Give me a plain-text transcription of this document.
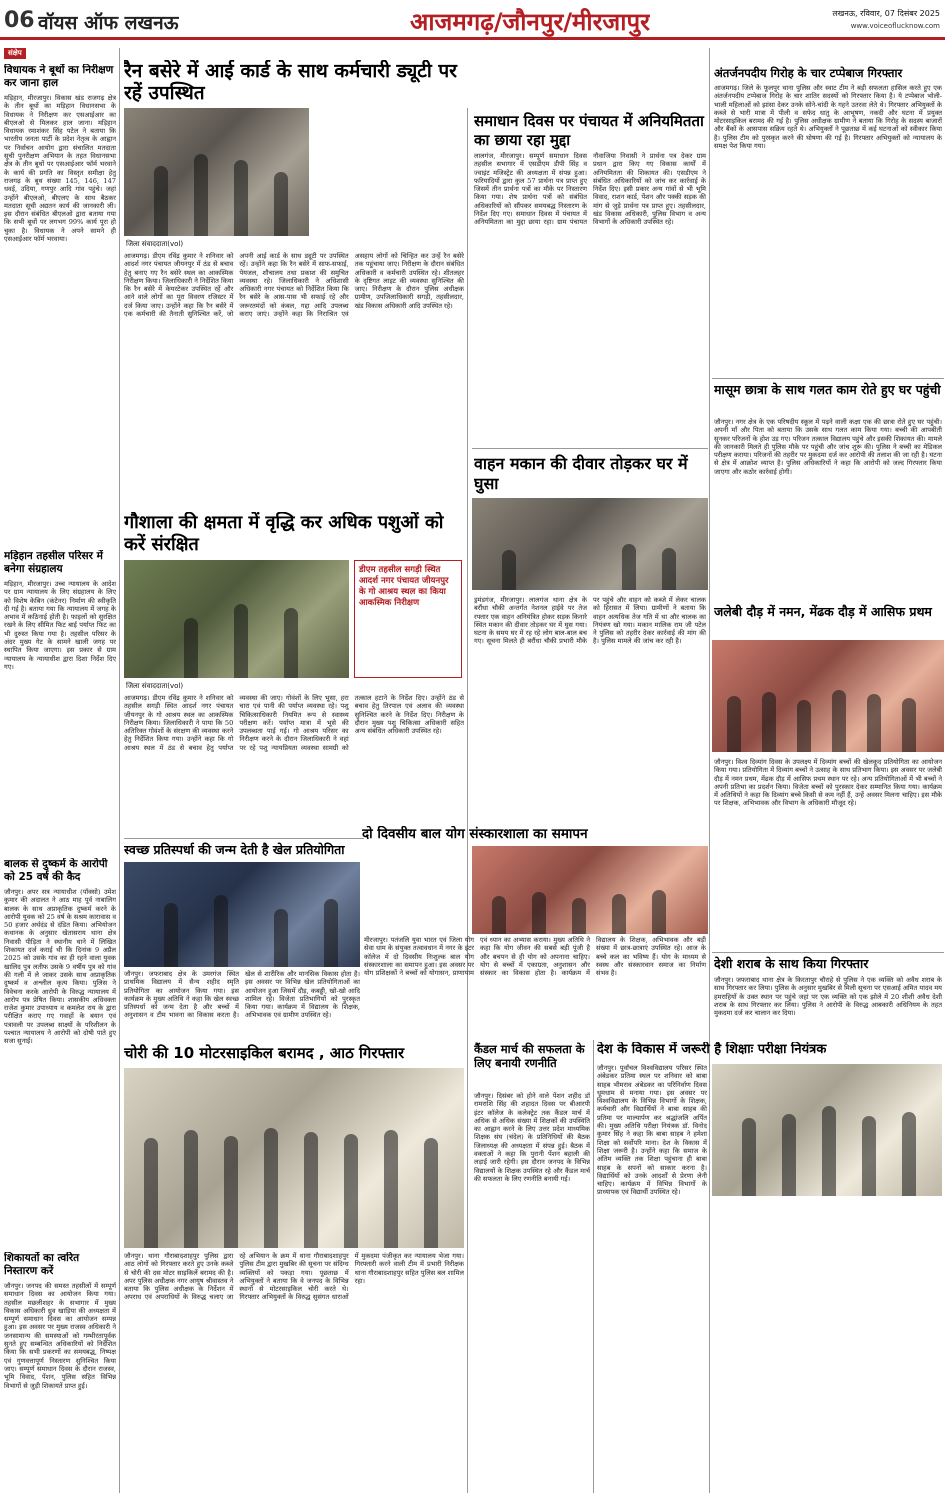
06 वॉयस ऑफ लखनऊ	आजमगढ़/जौनपुर/मीरजापुर	लखनऊ, रविवार, 07 दिसंबर 2025
www.voiceoflucknow.com
संक्षेप
विधायक ने बूथों का निरीक्षण कर जाना हाल
मड़िहान, मीरजापुर। विकास खंड राजगढ़ क्षेत्र के तीन बूथों का मड़िहान विधानसभा के विधायक ने निरीक्षण कर एसआईआर का बीएलओ से मिलकर हाल जाना। मड़िहान विधायक रमाशंकर सिंह पटेल ने बताया कि भारतीय जनता पार्टी के प्रदेश नेतृत्व के आह्वान पर निर्वाचन आयोग द्वारा संचालित मतदाता सूची पुनरीक्षण अभियान के तहत विधानसभा क्षेत्र के तीन बूथों पर एसआईआर फॉर्म भरवाने के कार्य की प्रगति का विस्तृत समीक्षा हेतु राजगढ़ के बूथ संख्या 145, 146, 147 धवई, उदिया, गणपुर आदि गांव पहुंचे। जहां उन्होंने बीएलओ, बीएलए के साथ बैठकर मतदाता सूची अद्यतन कार्य की जानकारी ली। इस दौरान संबंधित बीएलओ द्वारा बताया गया कि सभी बूथों पर लगभग 99% कार्य पूरा हो चुका है। विधायक ने अपने सामने ही एसआईआर फॉर्म भरवाया।
मड़िहान तहसील परिसर में बनेगा संग्रहालय
मड़िहान, मीरजापुर। उच्च न्यायालय के आदेश पर ग्राम न्यायालय के लिए संग्रहालय के लिए को विशेष केबिन (कंटेनर) निर्माण की स्वीकृति दी गई है। बताया गया कि न्यायालय में जगह के अभाव में कठिनाई होती है। फाइलों को सुरक्षित रखने के लिए सीमित फिट बाई पर्याप्त फिट का भी दुरुस्त किया गया है। तहसील परिसर के अंदर मुख्य गेट के सामने खाली जगह पर स्थापित किया जाएगा। इस प्रकार से ग्राम न्यायालय के न्यायाधीश द्वारा दिशा निर्देश दिए गए।
बालक से दुष्कर्म के आरोपी को 25 वर्ष की कैद
जौनपुर। अपर सत्र न्यायाधीश (पॉक्सो) उमेश कुमार की अदालत ने आठ माह पूर्व नाबालिग बालक के साथ अप्राकृतिक दुष्कर्म करने के आरोपी युवक को 25 वर्ष के सश्रम कारावास व 50 हजार अर्थदंड से दंडित किया। अभियोजन कथानक के अनुसार खेतासराय थाना क्षेत्र निवासी पीड़िता ने स्थानीय थाने में लिखित शिकायत दर्ज कराई थी कि दिनांक 9 अप्रैल 2025 को उसके गांव का ही रहने वाला युवक खालिद पुत्र लतीफ उसके 9 वर्षीय पुत्र को गांव की गली में ले जाकर उसके साथ अप्राकृतिक दुष्कर्म व अश्लील कृत्य किया। पुलिस ने विवेचना करके आरोपी के विरुद्ध न्यायालय में आरोप पत्र प्रेषित किया। शासकीय अधिवक्ता राजेश कुमार उपाध्याय व कमलेश राय के द्वारा परीक्षित कराए गए गवाहों के बयान एवं पत्रावली पर उपलब्ध साक्ष्यों के परिशीलन के पश्चात न्यायालय ने आरोपी को दोषी पाते हुए सजा सुनाई।
शिकायतों का त्वरित निस्तारण करें
जौनपुर। जनपद की समस्त तहसीलों में सम्पूर्ण समाधान दिवस का आयोजन किया गया। तहसील मछलीशहर के सभागार में मुख्य विकास अधिकारी ध्रुव खाड़िया की अध्यक्षता में सम्पूर्ण समाधान दिवस का आयोजन सम्पन्न हुआ। इस अवसर पर मुख्य राजस्व अधिकारी ने जनसामान्य की समस्याओं को गम्भीरतापूर्वक सुनते हुए सम्बन्धित अधिकारियों को निर्देशित किया कि सभी प्रकरणों का समयबद्ध, निष्पक्ष एवं गुणवत्तापूर्ण निस्तारण सुनिश्चित किया जाए। सम्पूर्ण समाधान दिवस के दौरान राजस्व, भूमि विवाद, पेंशन, पुलिस सहित विभिन्न विभागों से जुड़ी शिकायतें प्राप्त हुईं।
रैन बसेरे में आई कार्ड के साथ कर्मचारी ड्यूटी पर रहें उपस्थित
जिला संवाददाता(vol)
आजमगढ़। डीएम रविंद्र कुमार ने शनिवार को आदर्श नगर पंचायत जीयनपुर में ठंड से बचाव हेतु बनाए गए रैन बसेरे स्थल का आकस्मिक निरीक्षण किया। जिलाधिकारी ने निर्देशित किया कि रैन बसेरे में केयरटेकर उपस्थित रहें और आने वाले लोगों का पूरा विवरण रजिस्टर में दर्ज किया जाए। उन्होंने कहा कि रैन बसेरे में एक कर्मचारी की तैनाती सुनिश्चित करें, जो अपनी आई कार्ड के साथ ड्यूटी पर उपस्थित रहें। उन्होंने कहा कि रैन बसेरे में साफ-सफाई, पेयजल, शौचालय तथा प्रकाश की समुचित व्यवस्था रहे। जिलाधिकारी ने अधिशासी अधिकारी नगर पंचायत को निर्देशित किया कि रैन बसेरे के आस-पास भी सफाई रहे और जरूरतमंदों को कंबल, गद्दा आदि उपलब्ध कराए जाएं। उन्होंने कहा कि निराश्रित एवं असहाय लोगों को चिन्हित कर उन्हें रैन बसेरे तक पहुंचाया जाए। निरीक्षण के दौरान संबंधित अधिकारी व कर्मचारी उपस्थित रहे। शीतलहर के दृष्टिगत लाइट की व्यवस्था सुनिश्चित की जाए। निरीक्षण के दौरान पुलिस अधीक्षक ग्रामीण, उपजिलाधिकारी सगड़ी, तहसीलदार, खंड विकास अधिकारी आदि उपस्थित रहे।
गौशाला की क्षमता में वृद्धि कर अधिक पशुओं को करें संरक्षित
जिला संवाददाता(vol)
डीएम तहसील सगड़ी स्थित आदर्श नगर पंचायत जीयनपुर के गो आश्रय स्थल का किया आकस्मिक निरीक्षण
आजमगढ़। डीएम रविंद्र कुमार ने शनिवार को तहसील सगड़ी स्थित आदर्श नगर पंचायत जीयनपुर के गो आश्रय स्थल का आकस्मिक निरीक्षण किया। जिलाधिकारी ने पाया कि 50 अतिरिक्त गोवंशों के संरक्षण की व्यवस्था करने हेतु निर्देशित किया गया। उन्होंने कहा कि गो आश्रय स्थल में ठंड से बचाव हेतु पर्याप्त व्यवस्था की जाए। गोवंशों के लिए भूसा, हरा चारा एवं पानी की पर्याप्त व्यवस्था रहे। पशु चिकित्साधिकारी नियमित रूप से स्वास्थ्य परीक्षण करें। पर्याप्त मात्रा में भूसे की उपलब्धता पाई गई। गो आश्रय परिसर का निरीक्षण करने के दौरान जिलाधिकारी ने वहां पर रहे पशु न्यायप्रियता व्यवस्था सामग्री को तत्काल हटाने के निर्देश दिए। उन्होंने ठंड से बचाव हेतु तिरपाल एवं अलाव की व्यवस्था सुनिश्चित करने के निर्देश दिए। निरीक्षण के दौरान मुख्य पशु चिकित्सा अधिकारी सहित अन्य संबंधित अधिकारी उपस्थित रहे।
स्वच्छ प्रतिस्पर्धा की जन्म देती है खेल प्रतियोगिता
जौनपुर। जफराबाद क्षेत्र के उमरगंज स्थित प्राथमिक विद्यालय में सैन्य शहीद स्मृति प्रतियोगिता का आयोजन किया गया। इस कार्यक्रम के मुख्य अतिथि ने कहा कि खेल स्वच्छ प्रतिस्पर्धा को जन्म देता है और बच्चों में अनुशासन व टीम भावना का विकास करता है। खेल से शारीरिक और मानसिक विकास होता है। इस अवसर पर विभिन्न खेल प्रतियोगिताओं का आयोजन हुआ जिसमें दौड़, कबड्डी, खो-खो आदि शामिल रहे। विजेता प्रतिभागियों को पुरस्कृत किया गया। कार्यक्रम में विद्यालय के शिक्षक, अभिभावक एवं ग्रामीण उपस्थित रहे।
चोरी की 10 मोटरसाइकिल बरामद , आठ गिरफ्तार
जौनपुर। थाना गौराबादशाहपुर पुलिस द्वारा आठ लोगों को गिरफ्तार करते हुए उनके कब्जे से चोरी की दस मोटर साइकिलें बरामद की है। अपर पुलिस अधीक्षक नगर आयुष श्रीवास्तव ने बताया कि पुलिस अधीक्षक के निर्देशन में अपराध एवं अपराधियों के विरुद्ध चलाए जा रहे अभियान के क्रम में थाना गौराबादशाहपुर पुलिस टीम द्वारा मुखबिर की सूचना पर संदिग्ध व्यक्तियों को पकड़ा गया। पूछताछ में अभियुक्तों ने बताया कि वे जनपद के विभिन्न स्थानों से मोटरसाइकिल चोरी करते थे। गिरफ्तार अभियुक्तों के विरुद्ध सुसंगत धाराओं में मुकदमा पंजीकृत कर न्यायालय भेजा गया। गिरफ्तारी करने वाली टीम में प्रभारी निरीक्षक थाना गौराबादशाहपुर सहित पुलिस बल शामिल रहा।
समाधान दिवस पर पंचायत में अनियमितता का छाया रहा मुद्दा
लालगंज, मीरजापुर। सम्पूर्ण समाधान दिवस तहसील सभागार में एसडीएम डीपी सिंह व ज्वाइंट मजिस्ट्रेट की अध्यक्षता में संपन्न हुआ। फरियादियों द्वारा कुल 57 प्रार्थना पत्र प्राप्त हुए जिसमें तीन प्रार्थना पत्रों का मौके पर निस्तारण किया गया। शेष प्रार्थना पत्रों को संबंधित अधिकारियों को सौंपकर समयबद्ध निस्तारण के निर्देश दिए गए। समाधान दिवस में पंचायत में अनियमितता का मुद्दा छाया रहा। ग्राम पंचायत नौवाजिया निवासी ने प्रार्थना पत्र देकर ग्राम प्रधान द्वारा किए गए विकास कार्यों में अनियमितता की शिकायत की। एसडीएम ने संबंधित अधिकारियों को जांच कर कार्रवाई के निर्देश दिए। इसी प्रकार अन्य गांवों से भी भूमि विवाद, राशन कार्ड, पेंशन और पक्की सड़क की मांग से जुड़े प्रार्थना पत्र प्राप्त हुए। तहसीलदार, खंड विकास अधिकारी, पुलिस विभाग व अन्य विभागों के अधिकारी उपस्थित रहे।
वाहन मकान की दीवार तोड़कर घर में घुसा
ड्रमंडगंज, मीरजापुर। लालगंज थाना क्षेत्र के बरौंधा चौकी अन्तर्गत नेशनल हाईवे पर तेज रफ्तार एक वाहन अनियंत्रित होकर सड़क किनारे स्थित मकान की दीवार तोड़कर घर में घुस गया। घटना के समय घर में रह रहे लोग बाल-बाल बच गए। सूचना मिलते ही बरौंधा चौकी प्रभारी मौके पर पहुंचे और वाहन को कब्जे में लेकर चालक को हिरासत में लिया। ग्रामीणों ने बताया कि वाहन अत्यधिक तेज गति में था और चालक का नियंत्रण खो गया। मकान मालिक राम जी पटेल ने पुलिस को तहरीर देकर कार्रवाई की मांग की है। पुलिस मामले की जांच कर रही है।
दो दिवसीय बाल योग संस्कारशाला का समापन
मीरजापुर। पतंजलि युवा भारत एवं जिला योग सेवा धाम के संयुक्त तत्वावधान में नगर के इंटर कॉलेज में दो दिवसीय निःशुल्क बाल योग संस्कारशाला का समापन हुआ। इस अवसर पर योग प्रशिक्षकों ने बच्चों को योगासन, प्राणायाम एवं ध्यान का अभ्यास कराया। मुख्य अतिथि ने कहा कि योग जीवन की सबसे बड़ी पूंजी है और बचपन से ही योग को अपनाना चाहिए। योग से बच्चों में एकाग्रता, अनुशासन और संस्कार का विकास होता है। कार्यक्रम में विद्यालय के शिक्षक, अभिभावक और बड़ी संख्या में छात्र-छात्राएं उपस्थित रहे। आज के बच्चे कल का भविष्य हैं। योग के माध्यम से स्वस्थ और संस्कारवान समाज का निर्माण संभव है।
कैंडल मार्च की सफलता के लिए बनायी रणनीति
जौनपुर। दिसंबर को होने वाले पेंशन शहीद डॉ रामराशि सिंह की शहादत दिवस पर बीआरपी इंटर कॉलेज के कलेक्ट्रेट तक कैंडल मार्च में अधिक से अधिक संख्या में शिक्षकों की उपस्थिति का आह्वान करने के लिए उत्तर प्रदेश माध्यमिक शिक्षक संघ (चंदेल) के प्रतिनिधियों की बैठक जिलाध्यक्ष की अध्यक्षता में संपन्न हुई। बैठक में वक्ताओं ने कहा कि पुरानी पेंशन बहाली की लड़ाई जारी रहेगी। इस दौरान जनपद के विभिन्न विद्यालयों के शिक्षक उपस्थित रहे और कैंडल मार्च की सफलता के लिए रणनीति बनायी गई।
देश के विकास में जरूरी है शिक्षाः परीक्षा नियंत्रक
जौनपुर। पूर्वांचल विश्वविद्यालय परिसर स्थित अंबेडकर प्रतिमा स्थल पर शनिवार को बाबा साहब भीमराव अंबेडकर का परिनिर्वाण दिवस धूमधाम से मनाया गया। इस अवसर पर विश्वविद्यालय के विभिन्न विभागों के शिक्षक, कर्मचारी और विद्यार्थियों ने बाबा साहब की प्रतिमा पर माल्यार्पण कर श्रद्धांजलि अर्पित की। मुख्य अतिथि परीक्षा नियंत्रक डॉ. विनोद कुमार सिंह ने कहा कि बाबा साहब ने हमेशा शिक्षा को सर्वोपरि माना। देश के विकास में शिक्षा जरूरी है। उन्होंने कहा कि समाज के अंतिम व्यक्ति तक शिक्षा पहुंचाना ही बाबा साहब के सपनों को साकार करना है। विद्यार्थियों को उनके आदर्शों से प्रेरणा लेनी चाहिए। कार्यक्रम में विभिन्न विभागों के प्राध्यापक एवं विद्यार्थी उपस्थित रहे।
अंतर्जनपदीय गिरोह के चार टप्पेबाज गिरफ्तार
आजमगढ़। जिले के फूलपुर थाना पुलिस और स्वाट टीम ने बड़ी सफलता हासिल करते हुए एक अंतर्जनपदीय टप्पेबाज गिरोह के चार शातिर सदस्यों को गिरफ्तार किया है। ये टप्पेबाज भोली-भाली महिलाओं को झांसा देकर उनके सोने-चांदी के गहने उतरवा लेते थे। गिरफ्तार अभियुक्तों के कब्जे से भारी मात्रा में पीली व सफेद धातु के आभूषण, नकदी और घटना में प्रयुक्त मोटरसाइकिल बरामद की गई है। पुलिस अधीक्षक ग्रामीण ने बताया कि गिरोह के सदस्य बाजारों और बैंकों के आसपास सक्रिय रहते थे। अभियुक्तों ने पूछताछ में कई घटनाओं को स्वीकार किया है। पुलिस टीम को पुरस्कृत करने की घोषणा की गई है। गिरफ्तार अभियुक्तों को न्यायालय के समक्ष पेश किया गया।
मासूम छात्रा के साथ गलत काम रोते हुए घर पहुंची
जौनपुर। नगर क्षेत्र के एक परिषदीय स्कूल में पढ़ने वाली कक्षा एक की छात्रा रोते हुए घर पहुंची। अपनी माँ और पिता को बताया कि उसके साथ गलत काम किया गया। बच्ची की आपबीती सुनकर परिजनों के होश उड़ गए। परिजन तत्काल विद्यालय पहुंचे और इसकी शिकायत की। मामले की जानकारी मिलते ही पुलिस मौके पर पहुंची और जांच शुरू की। पुलिस ने बच्ची का मेडिकल परीक्षण कराया। परिजनों की तहरीर पर मुकदमा दर्ज कर आरोपी की तलाश की जा रही है। घटना से क्षेत्र में आक्रोश व्याप्त है। पुलिस अधिकारियों ने कहा कि आरोपी को जल्द गिरफ्तार किया जाएगा और कठोर कार्रवाई होगी।
जलेबी दौड़ में नमन, मेंढक दौड़ में आसिफ प्रथम
जौनपुर। विश्व दिव्यांग दिवस के उपलक्ष्य में दिव्यांग बच्चों की खेलकूद प्रतियोगिता का आयोजन किया गया। प्रतियोगिता में दिव्यांग बच्चों ने उत्साह के साथ प्रतिभाग किया। इस अवसर पर जलेबी दौड़ में नमन प्रथम, मेंढक दौड़ में आसिफ प्रथम स्थान पर रहे। अन्य प्रतियोगिताओं में भी बच्चों ने अपनी प्रतिभा का प्रदर्शन किया। विजेता बच्चों को पुरस्कार देकर सम्मानित किया गया। कार्यक्रम में अतिथियों ने कहा कि दिव्यांग बच्चे किसी से कम नहीं हैं, उन्हें अवसर मिलना चाहिए। इस मौके पर शिक्षक, अभिभावक और विभाग के अधिकारी मौजूद रहे।
देशी शराब के साथ किया गिरफ्तार
जौनपुर। जफराबाद थाना क्षेत्र के किरतापुर चौराहे से पुलिस ने एक व्यक्ति को अवैध शराब के साथ गिरफ्तार कर लिया। पुलिस के अनुसार मुखबिर से मिली सूचना पर एसआई अमित यादव मय हमराहियों के उक्त स्थान पर पहुंचे जहां पर एक व्यक्ति को एक झोले में 20 शीशी अवैध देशी शराब के साथ गिरफ्तार कर लिया। पुलिस ने आरोपी के विरुद्ध आबकारी अधिनियम के तहत मुकदमा दर्ज कर चालान कर दिया।
